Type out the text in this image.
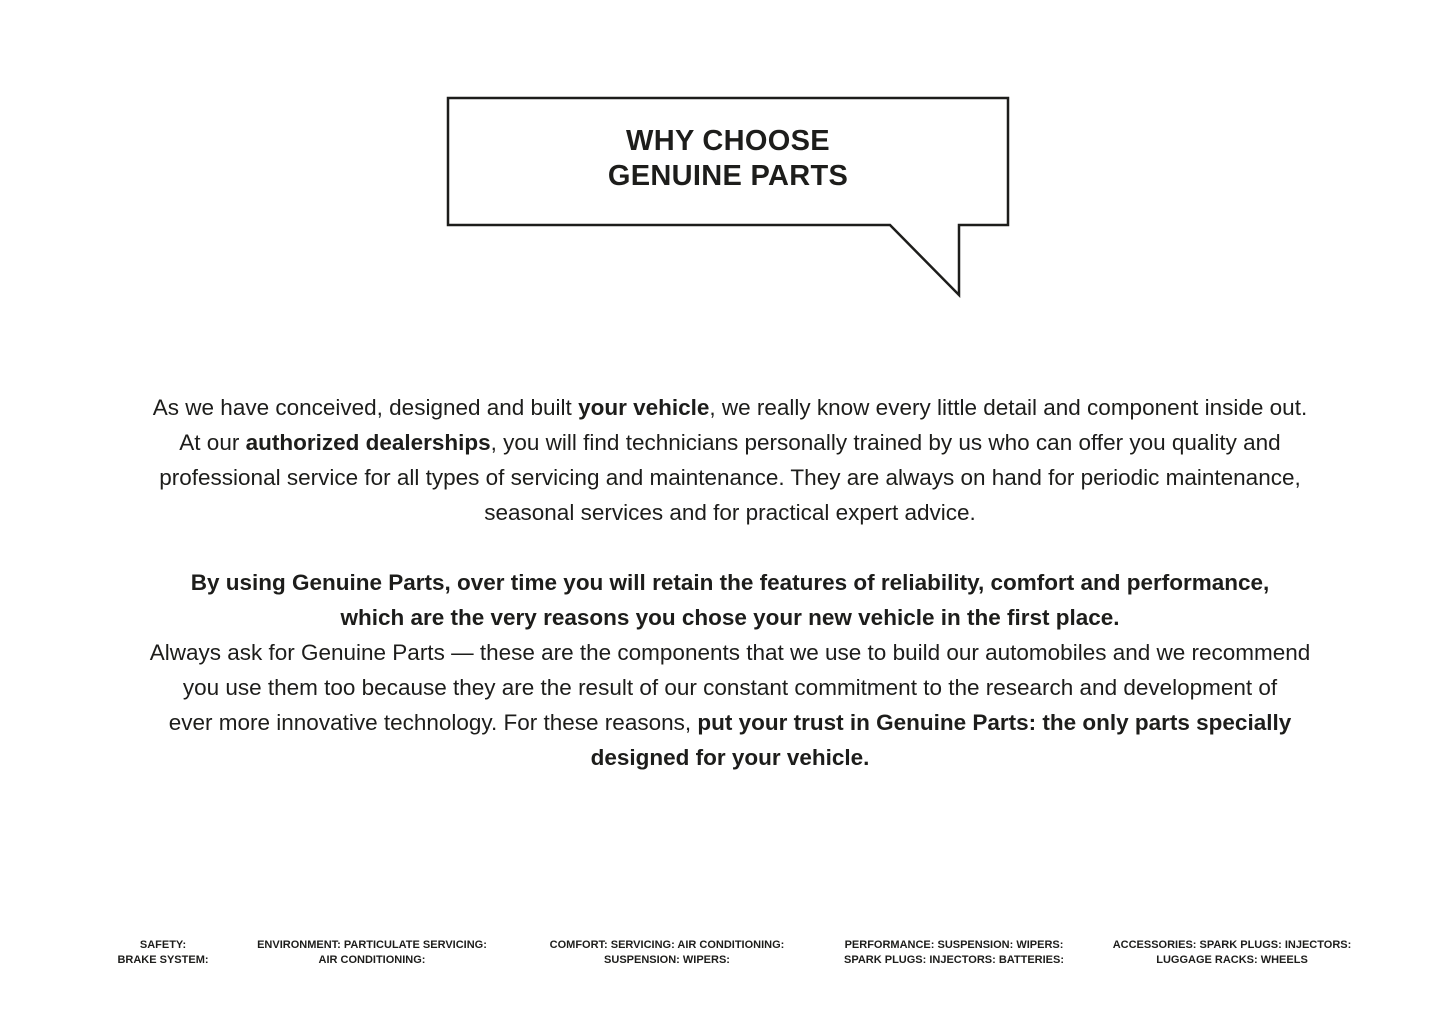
WHY CHOOSE
GENUINE PARTS
As we have conceived, designed and built your vehicle, we really know every little detail and component inside out.
At our authorized dealerships, you will find technicians personally trained by us who can offer you quality and
professional service for all types of servicing and maintenance. They are always on hand for periodic maintenance,
seasonal services and for practical expert advice.
By using Genuine Parts, over time you will retain the features of reliability, comfort and performance,
which are the very reasons you chose your new vehicle in the first place.
Always ask for Genuine Parts — these are the components that we use to build our automobiles and we recommend
you use them too because they are the result of our constant commitment to the research and development of
ever more innovative technology. For these reasons, put your trust in Genuine Parts: the only parts specially
designed for your vehicle.
SAFETY:
BRAKE SYSTEM:
ENVIRONMENT: PARTICULATE SERVICING:
AIR CONDITIONING:
COMFORT: SERVICING: AIR CONDITIONING:
SUSPENSION: WIPERS:
PERFORMANCE: SUSPENSION: WIPERS:
SPARK PLUGS: INJECTORS: BATTERIES:
ACCESSORIES: SPARK PLUGS: INJECTORS:
LUGGAGE RACKS: WHEELS
